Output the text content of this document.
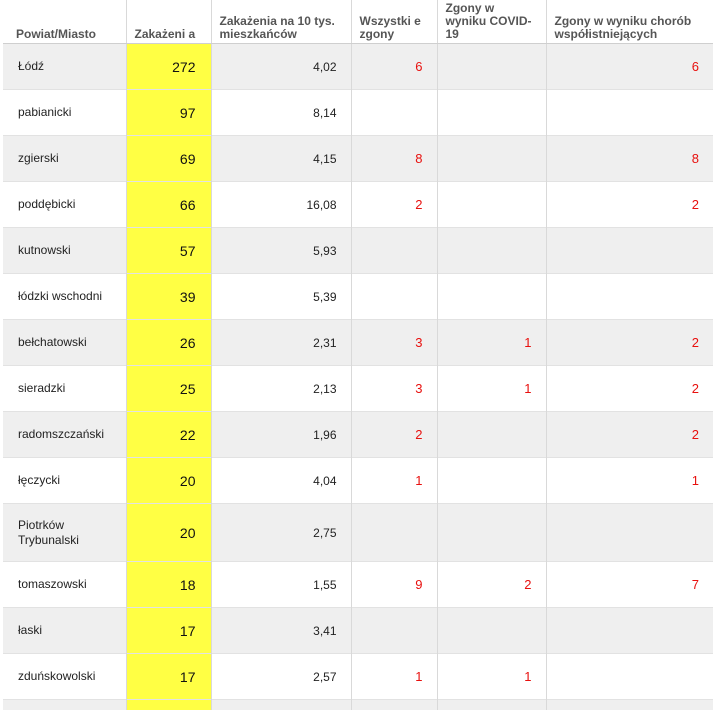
Powiat/Miasto	Zakażeni a	Zakażenia na 10 tys. mieszkańców	Wszystki e zgony	Zgony w wyniku COVID-19	Zgony w wyniku chorób współistniejących
Łódź	272	4,02	6		6
pabianicki	97	8,14			
zgierski	69	4,15	8		8
poddębicki	66	16,08	2		2
kutnowski	57	5,93			
łódzki wschodni	39	5,39			
bełchatowski	26	2,31	3	1	2
sieradzki	25	2,13	3	1	2
radomszczański	22	1,96	2		2
łęczycki	20	4,04	1		1
Piotrków Trybunalski	20	2,75			
tomaszowski	18	1,55	9	2	7
łaski	17	3,41			
zduńskowolski	17	2,57	1	1	
